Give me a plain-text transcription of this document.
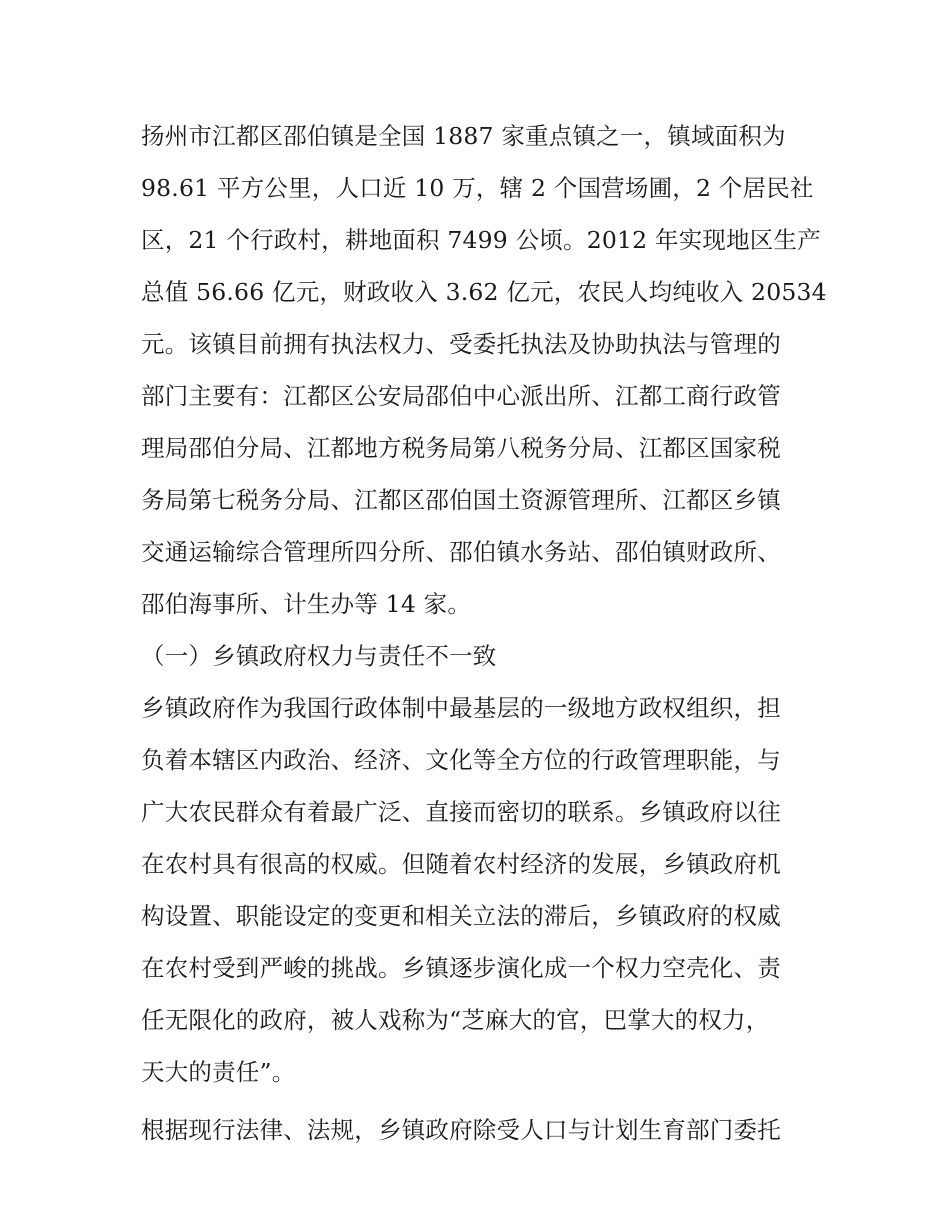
扬州市江都区邵伯镇是全国 1887 家重点镇之一，镇域面积为
98.61 平方公里，人口近 10 万，辖 2 个国营场圃，2 个居民社
区，21 个行政村，耕地面积 7499 公顷。2012 年实现地区生产
总值 56.66 亿元，财政收入 3.62 亿元，农民人均纯收入 20534
元。该镇目前拥有执法权力、受委托执法及协助执法与管理的
部门主要有：江都区公安局邵伯中心派出所、江都工商行政管
理局邵伯分局、江都地方税务局第八税务分局、江都区国家税
务局第七税务分局、江都区邵伯国土资源管理所、江都区乡镇
交通运输综合管理所四分所、邵伯镇水务站、邵伯镇财政所、
邵伯海事所、计生办等 14 家。
（一）乡镇政府权力与责任不一致
乡镇政府作为我国行政体制中最基层的一级地方政权组织，担
负着本辖区内政治、经济、文化等全方位的行政管理职能，与
广大农民群众有着最广泛、直接而密切的联系。乡镇政府以往
在农村具有很高的权威。但随着农村经济的发展，乡镇政府机
构设置、职能设定的变更和相关立法的滞后，乡镇政府的权威
在农村受到严峻的挑战。乡镇逐步演化成一个权力空壳化、责
任无限化的政府，被人戏称为“芝麻大的官，巴掌大的权力，
天大的责任”。
根据现行法律、法规，乡镇政府除受人口与计划生育部门委托
